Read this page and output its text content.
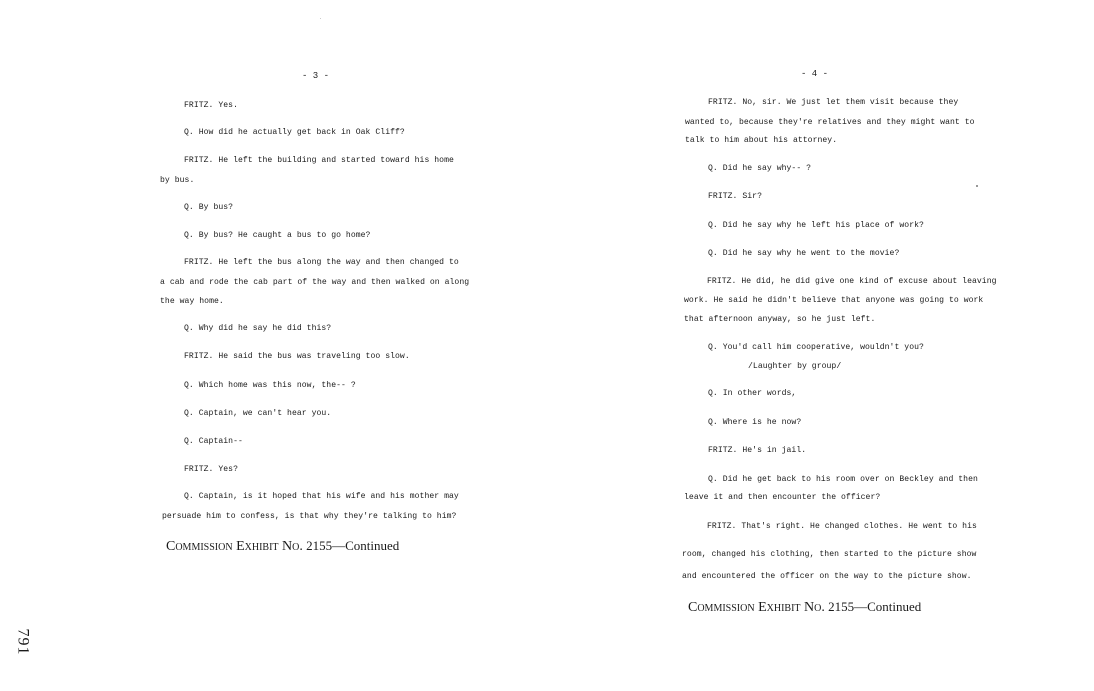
- 3 -
FRITZ. Yes.
Q. How did he actually get back in Oak Cliff?
FRITZ. He left the building and started toward his home
by bus.
Q. By bus?
Q. By bus? He caught a bus to go home?
FRITZ. He left the bus along the way and then changed to
a cab and rode the cab part of the way and then walked on along
the way home.
Q. Why did he say he did this?
FRITZ. He said the bus was traveling too slow.
Q. Which home was this now, the-- ?
Q. Captain, we can't hear you.
Q. Captain--
FRITZ. Yes?
Q. Captain, is it hoped that his wife and his mother may
persuade him to confess, is that why they're talking to him?
Commission Exhibit No. 2155—Continued
- 4 -
FRITZ. No, sir. We just let them visit because they
wanted to, because they're relatives and they might want to
talk to him about his attorney.
Q. Did he say why-- ?
FRITZ. Sir?
Q. Did he say why he left his place of work?
Q. Did he say why he went to the movie?
FRITZ. He did, he did give one kind of excuse about leaving
work. He said he didn't believe that anyone was going to work
that afternoon anyway, so he just left.
Q. You'd call him cooperative, wouldn't you?
/Laughter by group/
Q. In other words,
Q. Where is he now?
FRITZ. He's in jail.
Q. Did he get back to his room over on Beckley and then
leave it and then encounter the officer?
FRITZ. That's right. He changed clothes. He went to his
room, changed his clothing, then started to the picture show
and encountered the officer on the way to the picture show.
Commission Exhibit No. 2155—Continued
791
